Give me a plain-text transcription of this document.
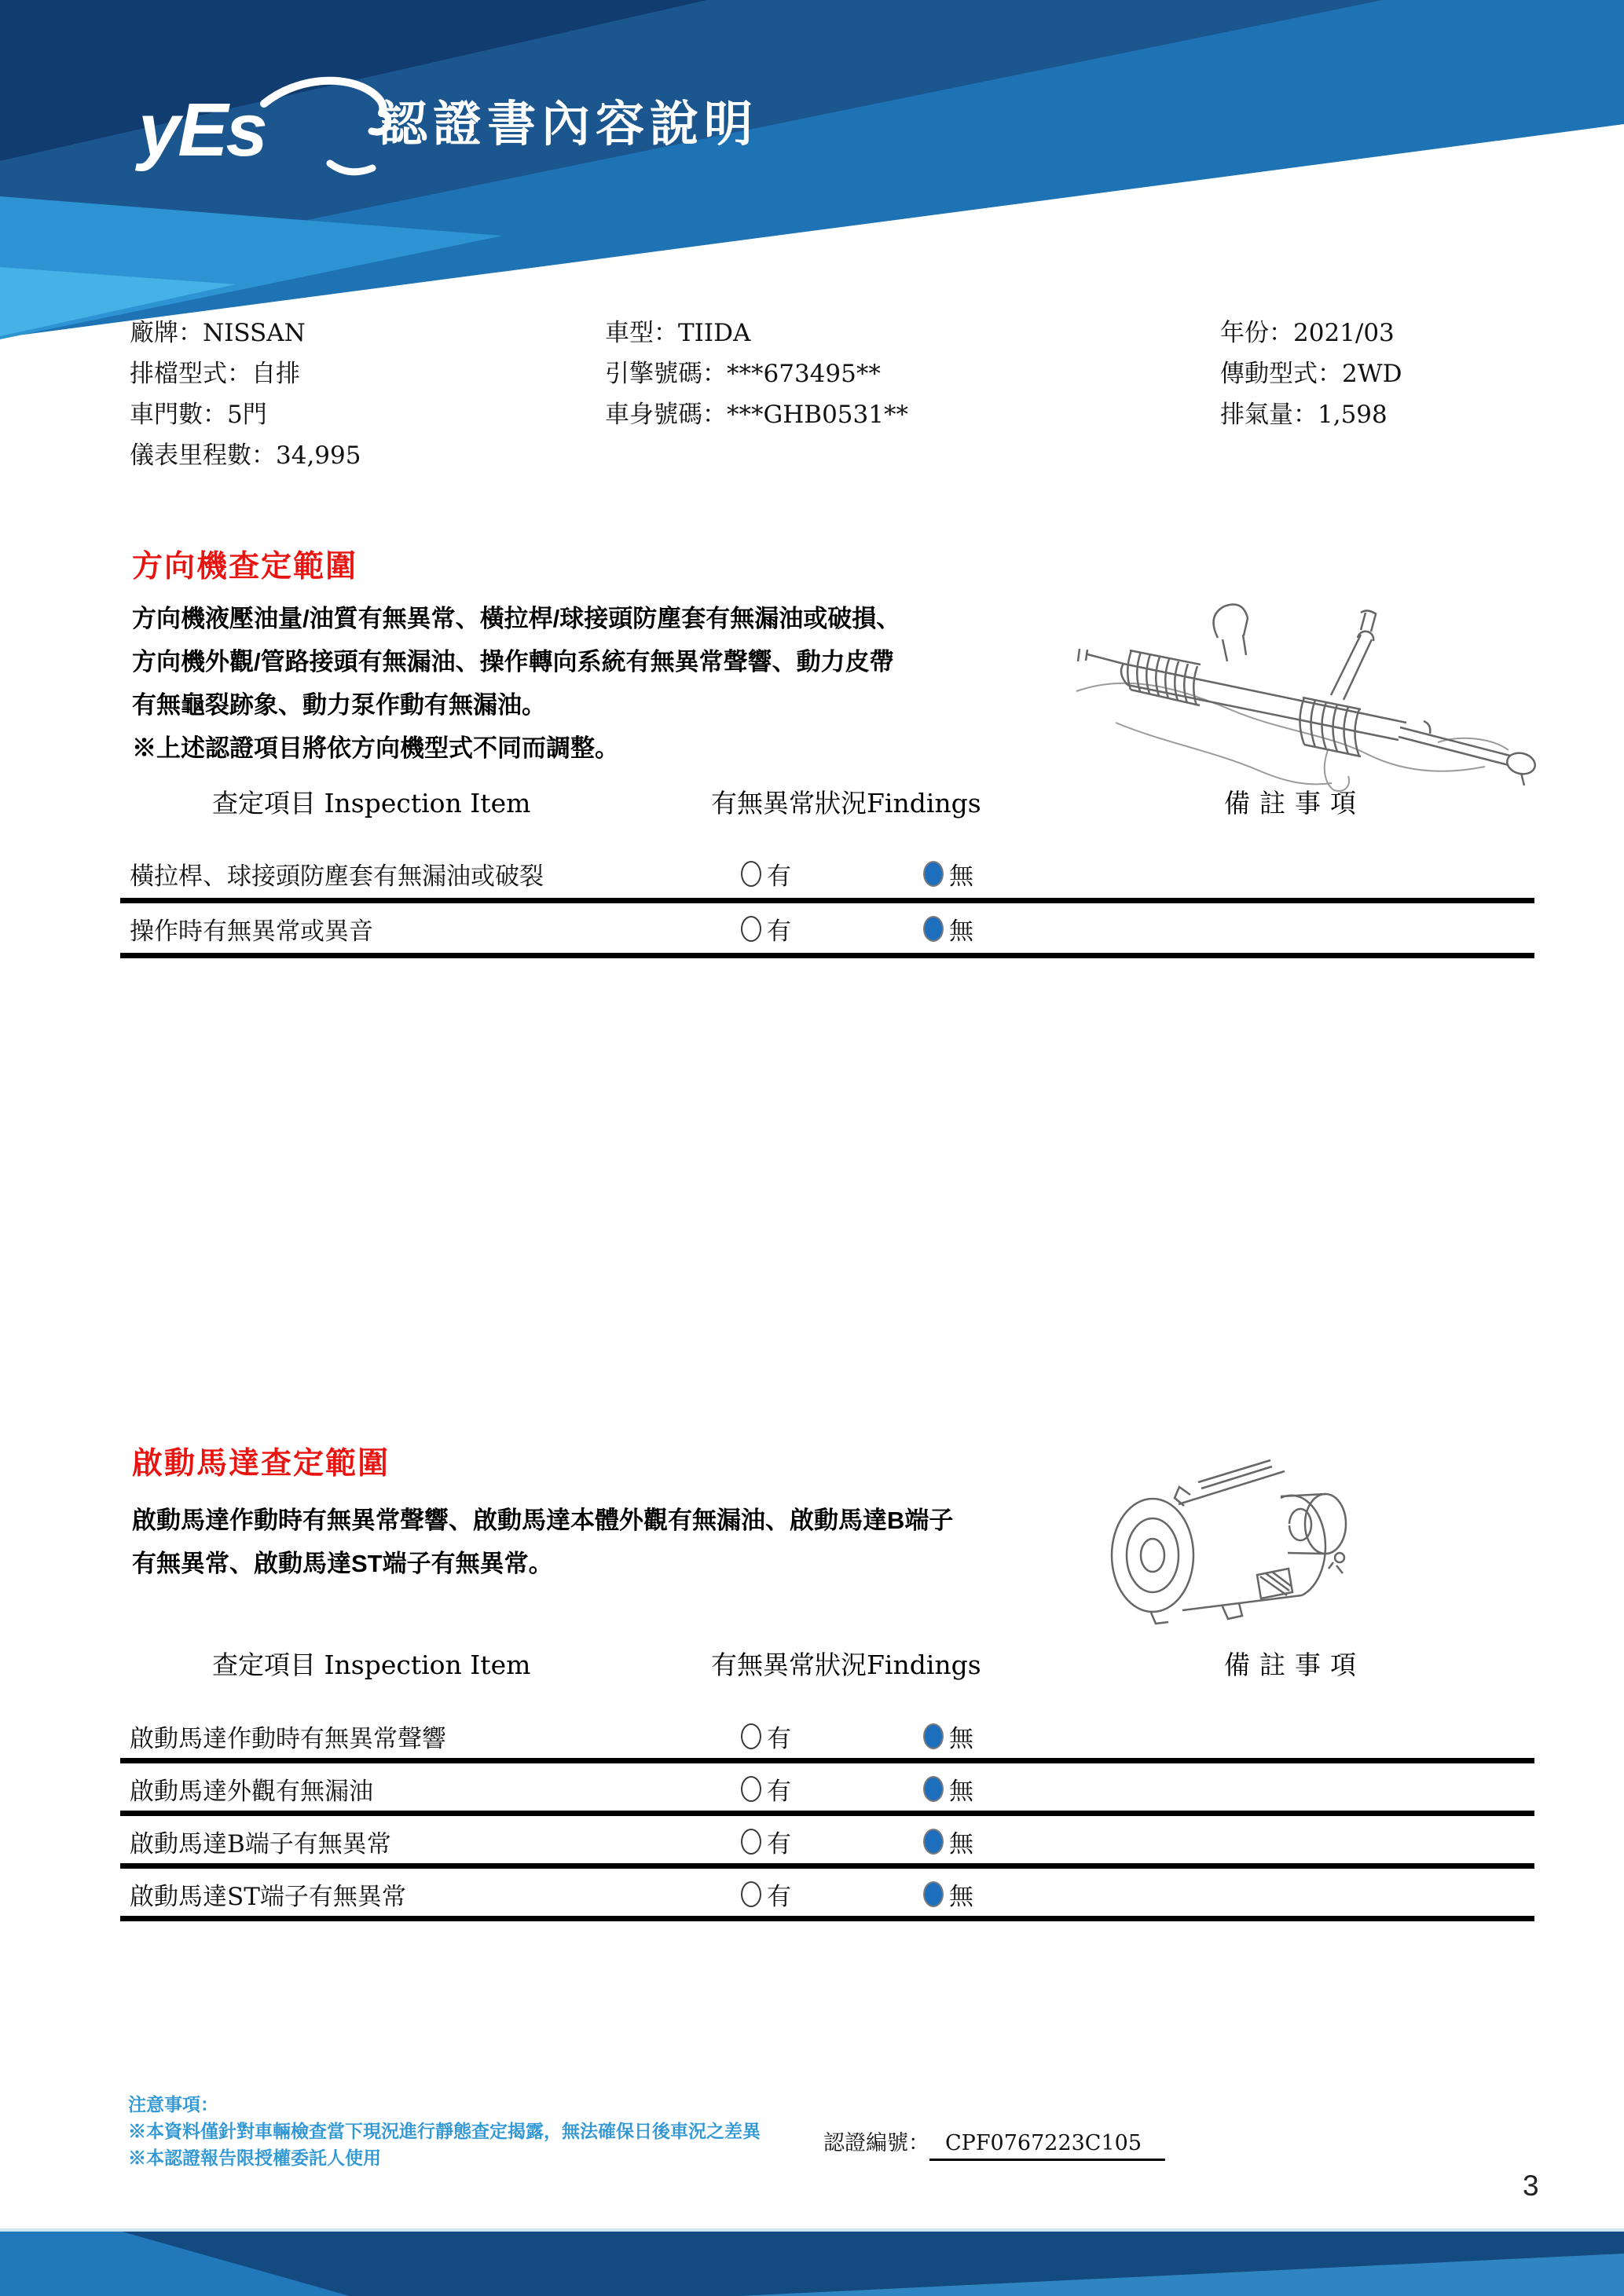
yEs 認證書內容說明
廠牌：NISSAN
排檔型式：自排
車門數：5門
儀表里程數：34,995
車型：TIIDA
引擎號碼：***673495**
車身號碼：***GHB0531**
年份：2021/03
傳動型式：2WD
排氣量：1,598
方向機查定範圍
方向機液壓油量/油質有無異常、橫拉桿/球接頭防塵套有無漏油或破損、
方向機外觀/管路接頭有無漏油、操作轉向系統有無異常聲響、動力皮帶
有無龜裂跡象、動力泵作動有無漏油。
※上述認證項目將依方向機型式不同而調整。
查定項目 Inspection Item	有無異常狀況Findings	備註事項
橫拉桿、球接頭防塵套有無漏油或破裂	有	無
操作時有無異常或異音	有	無
啟動馬達查定範圍
啟動馬達作動時有無異常聲響、啟動馬達本體外觀有無漏油、啟動馬達B端子
有無異常、啟動馬達ST端子有無異常。
查定項目 Inspection Item	有無異常狀況Findings	備註事項
啟動馬達作動時有無異常聲響	有	無
啟動馬達外觀有無漏油	有	無
啟動馬達B端子有無異常	有	無
啟動馬達ST端子有無異常	有	無
注意事項：
※本資料僅針對車輛檢查當下現況進行靜態查定揭露，無法確保日後車況之差異
※本認證報告限授權委託人使用
認證編號： CPF0767223C105
3
